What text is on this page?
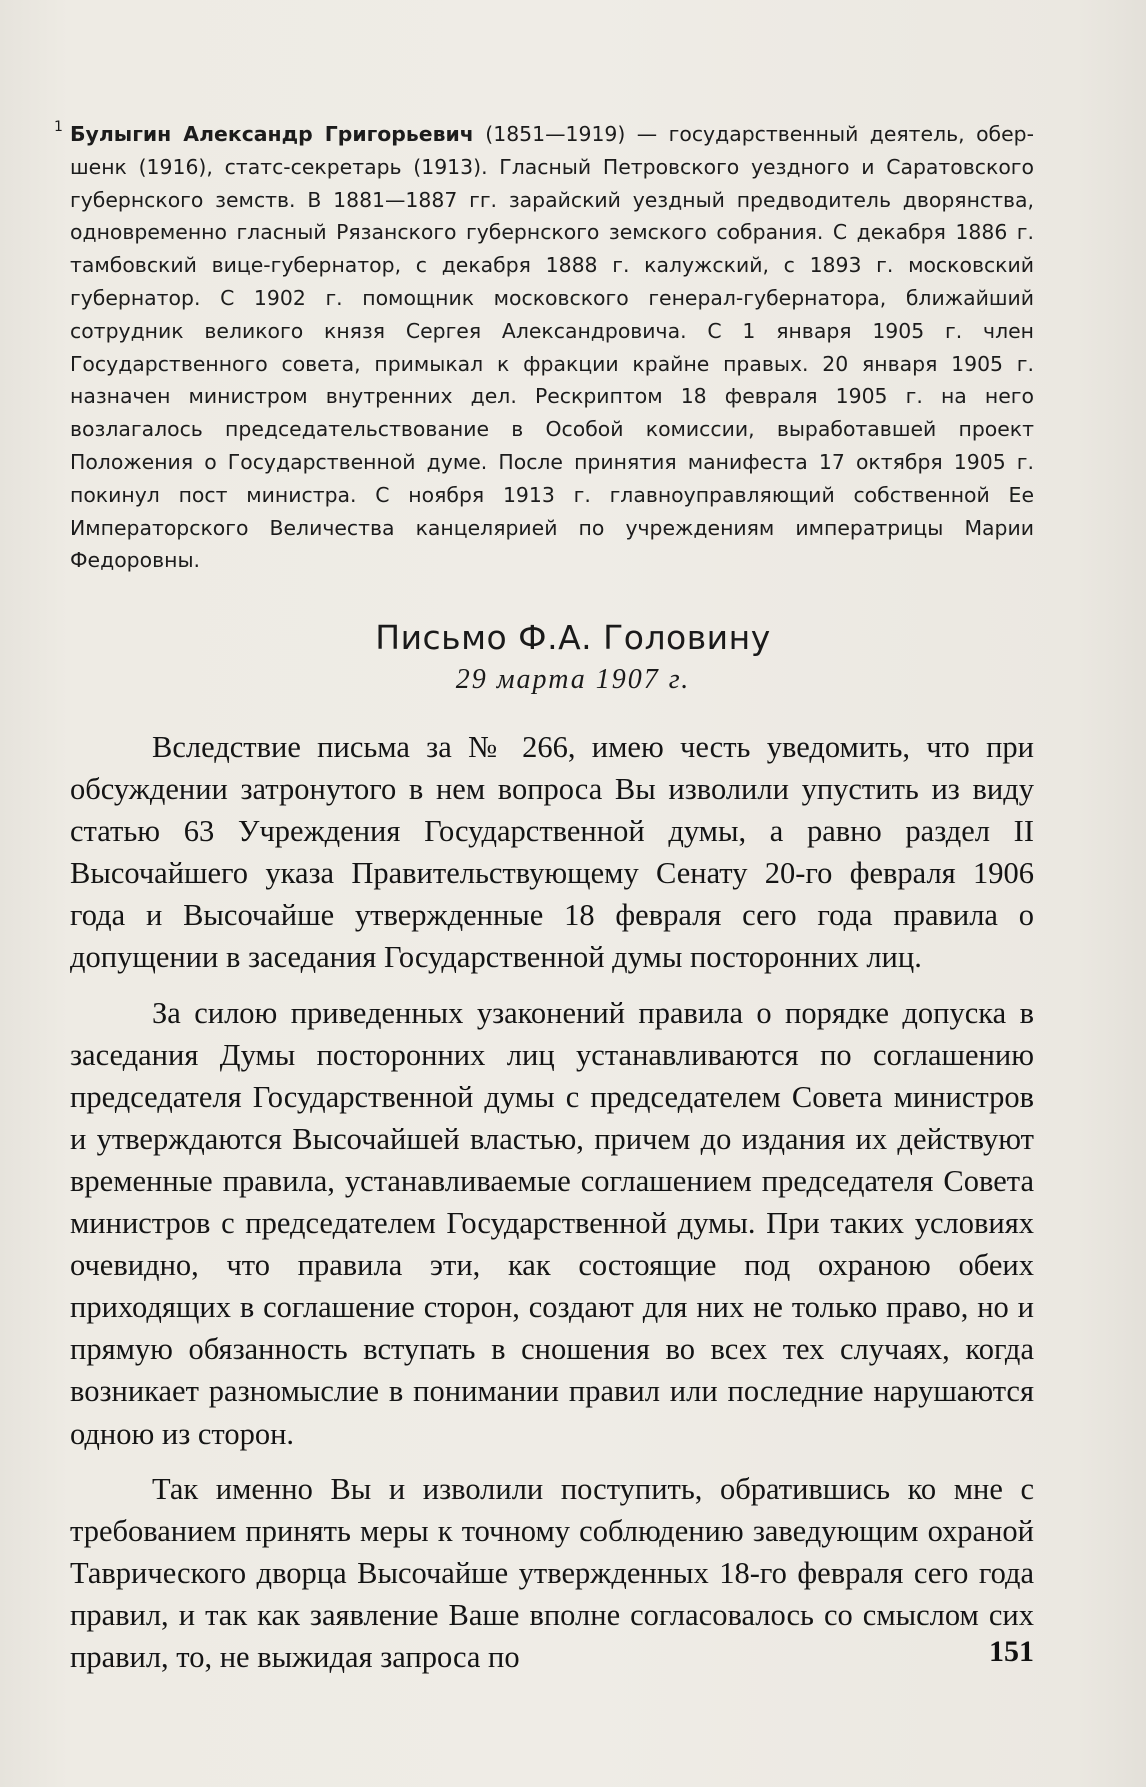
1 Булыгин Александр Григорьевич (1851—1919) — государственный деятель, обер-шенк (1916), статс-секретарь (1913). Гласный Петровского уездного и Саратовского губернского земств. В 1881—1887 гг. зарайский уездный предводитель дворянства, одновременно гласный Рязанского губернского земского собрания. С декабря 1886 г. тамбовский вице-губернатор, с декабря 1888 г. калужский, с 1893 г. московский губернатор. С 1902 г. помощник московского генерал-губернатора, ближайший сотрудник великого князя Сергея Александровича. С 1 января 1905 г. член Государственного совета, примыкал к фракции крайне правых. 20 января 1905 г. назначен министром внутренних дел. Рескриптом 18 февраля 1905 г. на него возлагалось председательствование в Особой комиссии, выработавшей проект Положения о Государственной думе. После принятия манифеста 17 октября 1905 г. покинул пост министра. С ноября 1913 г. главноуправляющий собственной Ее Императорского Величества канцелярией по учреждениям императрицы Марии Федоровны.
Письмо Ф.А. Головину
29 марта 1907 г.

Вследствие письма за № 266, имею честь уведомить, что при обсуждении затронутого в нем вопроса Вы изволили упустить из виду статью 63 Учреждения Государственной думы, а равно раздел II Высочайшего указа Правительствующему Сенату 20-го февраля 1906 года и Высочайше утвержденные 18 февраля сего года правила о допущении в заседания Государственной думы посторонних лиц.

За силою приведенных узаконений правила о порядке допуска в заседания Думы посторонних лиц устанавливаются по соглашению председателя Государственной думы с председателем Совета министров и утверждаются Высочайшей властью, причем до издания их действуют временные правила, устанавливаемые соглашением председателя Совета министров с председателем Государственной думы. При таких условиях очевидно, что правила эти, как состоящие под охраною обеих приходящих в соглашение сторон, создают для них не только право, но и прямую обязанность вступать в сношения во всех тех случаях, когда возникает разномыслие в понимании правил или последние нарушаются одною из сторон.

Так именно Вы и изволили поступить, обратившись ко мне с требованием принять меры к точному соблюдению заведующим охраной Таврического дворца Высочайше утвержденных 18-го февраля сего года правил, и так как заявление Ваше вполне согласовалось со смыслом сих правил, то, не выжидая запроса по	151
